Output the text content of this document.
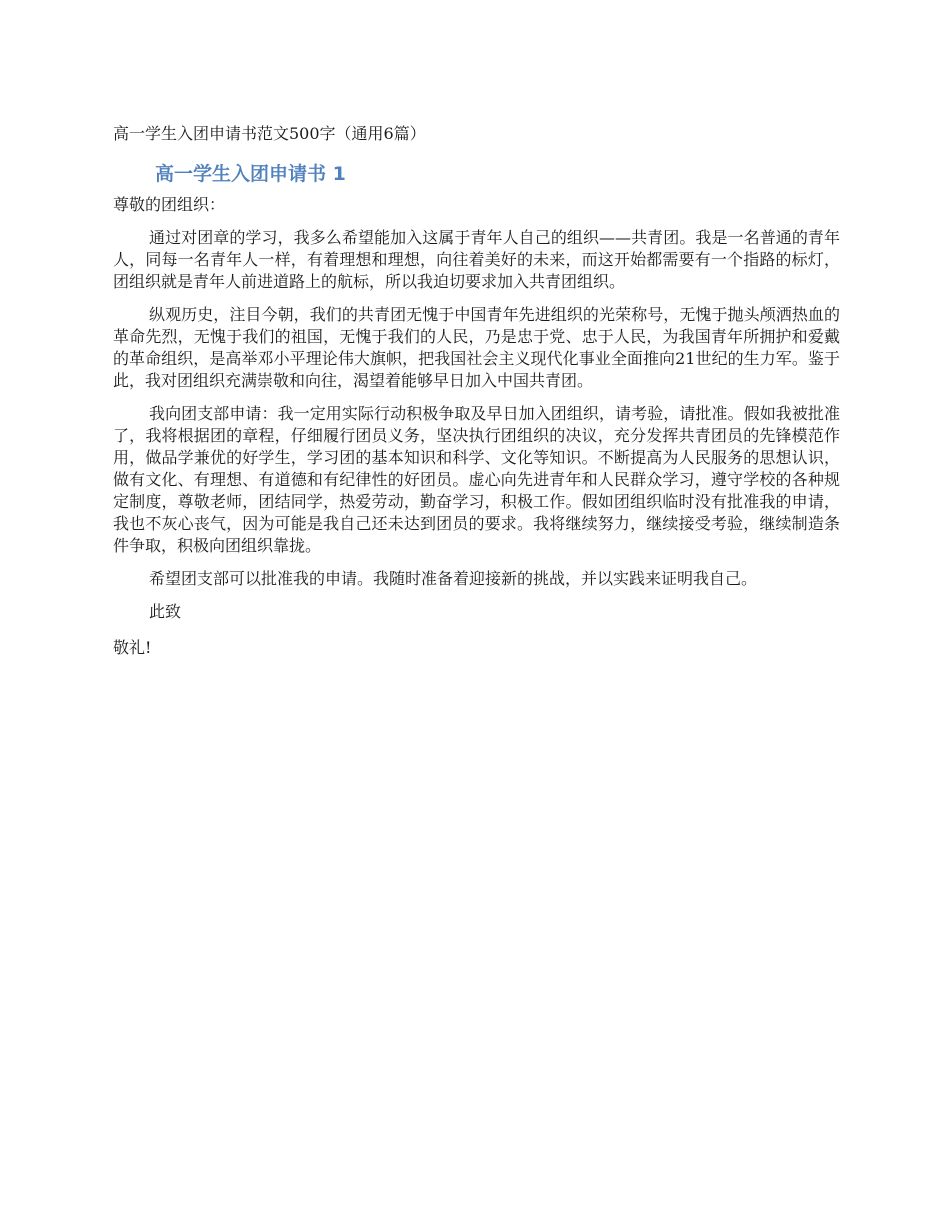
高一学生入团申请书范文500字（通用6篇）
高一学生入团申请书 1
尊敬的团组织：

通过对团章的学习，我多么希望能加入这属于青年人自己的组织——共青团。我是一名普通的青年人，同每一名青年人一样，有着理想和理想，向往着美好的未来，而这开始都需要有一个指路的标灯，团组织就是青年人前进道路上的航标，所以我迫切要求加入共青团组织。

纵观历史，注目今朝，我们的共青团无愧于中国青年先进组织的光荣称号，无愧于抛头颅洒热血的革命先烈，无愧于我们的祖国，无愧于我们的人民，乃是忠于党、忠于人民，为我国青年所拥护和爱戴的革命组织，是高举邓小平理论伟大旗帜，把我国社会主义现代化事业全面推向21世纪的生力军。鉴于此，我对团组织充满崇敬和向往，渴望着能够早日加入中国共青团。

我向团支部申请：我一定用实际行动积极争取及早日加入团组织，请考验，请批准。假如我被批准了，我将根据团的章程，仔细履行团员义务，坚决执行团组织的决议，充分发挥共青团员的先锋模范作用，做品学兼优的好学生，学习团的基本知识和科学、文化等知识。不断提高为人民服务的思想认识，做有文化、有理想、有道德和有纪律性的好团员。虚心向先进青年和人民群众学习，遵守学校的各种规定制度，尊敬老师，团结同学，热爱劳动，勤奋学习，积极工作。假如团组织临时没有批准我的申请，我也不灰心丧气，因为可能是我自己还未达到团员的要求。我将继续努力，继续接受考验，继续制造条件争取，积极向团组织靠拢。

希望团支部可以批准我的申请。我随时准备着迎接新的挑战，并以实践来证明我自己。

此致
敬礼!
